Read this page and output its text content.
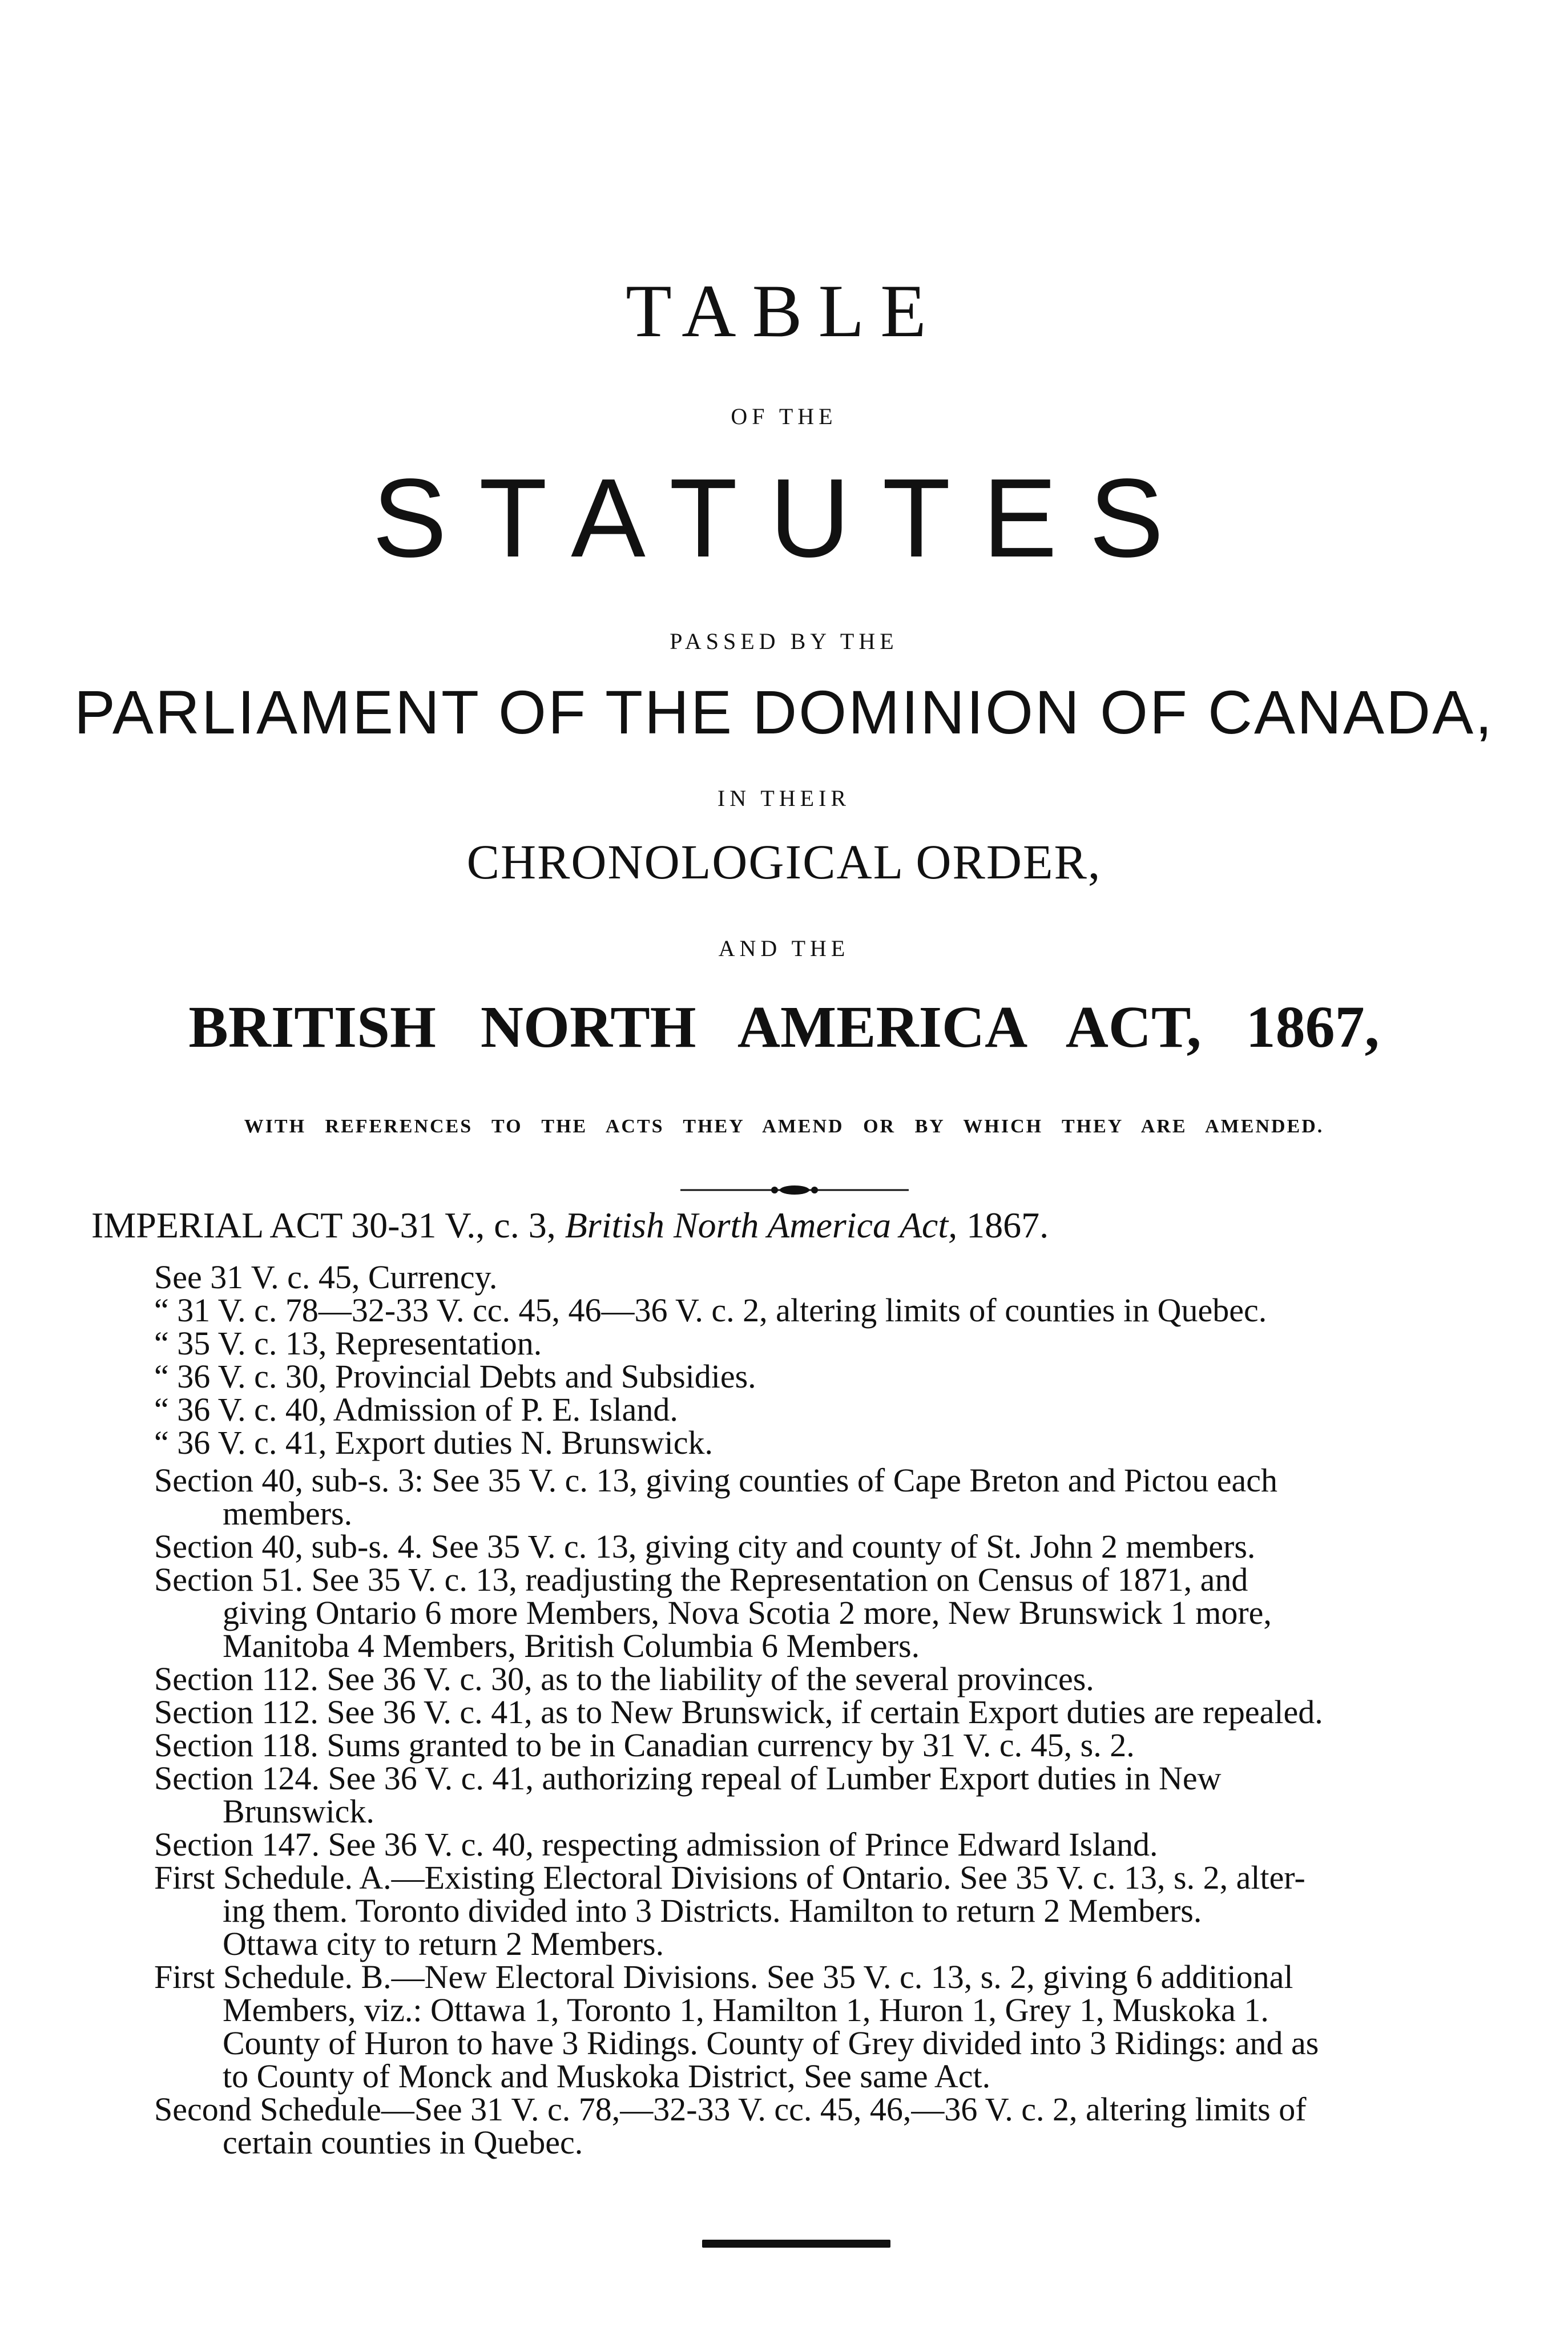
TABLE
OF THE
STATUTES
PASSED BY THE
PARLIAMENT OF THE DOMINION OF CANADA,
IN THEIR
CHRONOLOGICAL ORDER,
AND THE
BRITISH NORTH AMERICA ACT, 1867,
WITH REFERENCES TO THE ACTS THEY AMEND OR BY WHICH THEY ARE AMENDED.
IMPERIAL ACT 30-31 V., c. 3, British North America Act, 1867.
See 31 V. c. 45, Currency.
“ 31 V. c. 78—32-33 V. cc. 45, 46—36 V. c. 2, altering limits of counties in Quebec.
“ 35 V. c. 13, Representation.
“ 36 V. c. 30, Provincial Debts and Subsidies.
“ 36 V. c. 40, Admission of P. E. Island.
“ 36 V. c. 41, Export duties N. Brunswick.
Section 40, sub-s. 3: See 35 V. c. 13, giving counties of Cape Breton and Pictou each
members.
Section 40, sub-s. 4. See 35 V. c. 13, giving city and county of St. John 2 members.
Section 51. See 35 V. c. 13, readjusting the Representation on Census of 1871, and
giving Ontario 6 more Members, Nova Scotia 2 more, New Brunswick 1 more,
Manitoba 4 Members, British Columbia 6 Members.
Section 112. See 36 V. c. 30, as to the liability of the several provinces.
Section 112. See 36 V. c. 41, as to New Brunswick, if certain Export duties are repealed.
Section 118. Sums granted to be in Canadian currency by 31 V. c. 45, s. 2.
Section 124. See 36 V. c. 41, authorizing repeal of Lumber Export duties in New
Brunswick.
Section 147. See 36 V. c. 40, respecting admission of Prince Edward Island.
First Schedule. A.—Existing Electoral Divisions of Ontario. See 35 V. c. 13, s. 2, alter-
ing them. Toronto divided into 3 Districts. Hamilton to return 2 Members.
Ottawa city to return 2 Members.
First Schedule. B.—New Electoral Divisions. See 35 V. c. 13, s. 2, giving 6 additional
Members, viz.: Ottawa 1, Toronto 1, Hamilton 1, Huron 1, Grey 1, Muskoka 1.
County of Huron to have 3 Ridings. County of Grey divided into 3 Ridings: and as
to County of Monck and Muskoka District, See same Act.
Second Schedule—See 31 V. c. 78,—32-33 V. cc. 45, 46,—36 V. c. 2, altering limits of
certain counties in Quebec.
